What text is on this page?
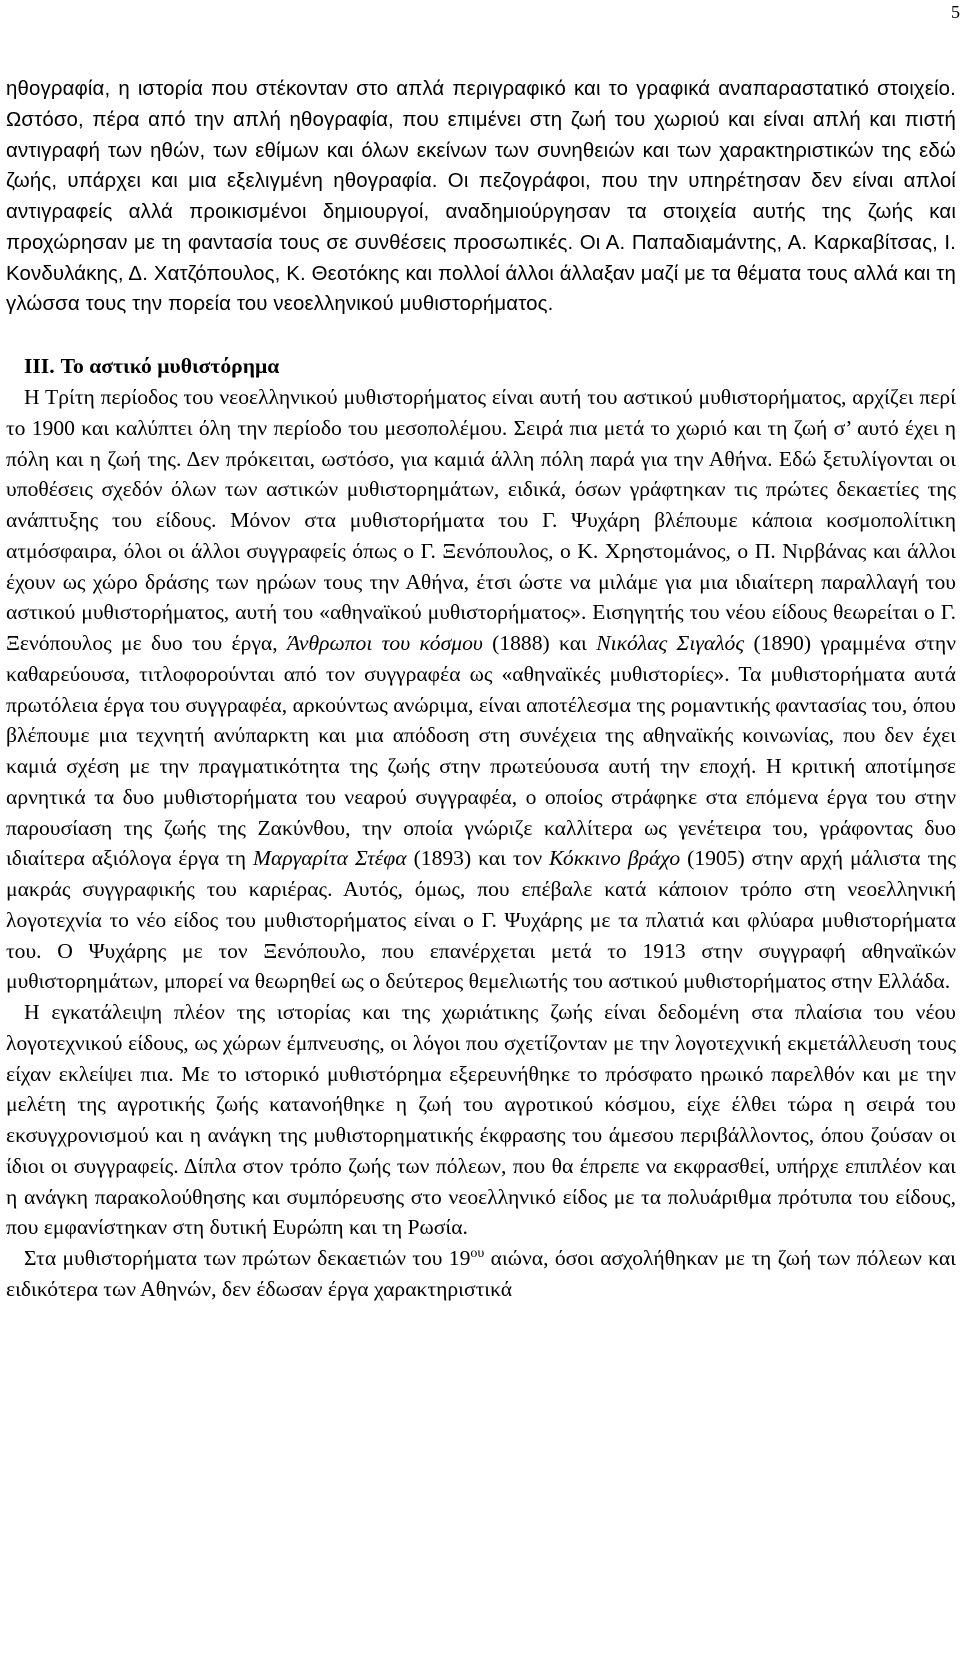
5

ηθογραφία, η ιστορία που στέκονταν στο απλά περιγραφικό και το γραφικά αναπαραστατικό στοιχείο. Ωστόσο, πέρα από την απλή ηθογραφία, που επιμένει στη ζωή του χωριού και είναι απλή και πιστή αντιγραφή των ηθών, των εθίμων και όλων εκείνων των συνηθειών και των χαρακτηριστικών της εδώ ζωής, υπάρχει και μια εξελιγμένη ηθογραφία. Οι πεζογράφοι, που την υπηρέτησαν δεν είναι απλοί αντιγραφείς αλλά προικισμένοι δημιουργοί, αναδημιούργησαν τα στοιχεία αυτής της ζωής και προχώρησαν με τη φαντασία τους σε συνθέσεις προσωπικές. Οι Α. Παπαδιαμάντης, Α. Καρκαβίτσας, Ι. Κονδυλάκης, Δ. Χατζόπουλος, Κ. Θεοτόκης και πολλοί άλλοι άλλαξαν μαζί με τα θέματα τους αλλά και τη γλώσσα τους την πορεία του νεοελληνικού μυθιστορήματος.

ΙΙΙ. Το αστικό μυθιστόρημα

Η Τρίτη περίοδος του νεοελληνικού μυθιστορήματος είναι αυτή του αστικού μυθιστορήματος, αρχίζει περί το 1900 και καλύπτει όλη την περίοδο του μεσοπολέμου. Σειρά πια μετά το χωριό και τη ζωή σ’ αυτό έχει η πόλη και η ζωή της. Δεν πρόκειται, ωστόσο, για καμιά άλλη πόλη παρά για την Αθήνα. Εδώ ξετυλίγονται οι υποθέσεις σχεδόν όλων των αστικών μυθιστορημάτων, ειδικά, όσων γράφτηκαν τις πρώτες δεκαετίες της ανάπτυξης του είδους. Μόνον στα μυθιστορήματα του Γ. Ψυχάρη βλέπουμε κάποια κοσμοπολίτικη ατμόσφαιρα, όλοι οι άλλοι συγγραφείς όπως ο Γ. Ξενόπουλος, ο Κ. Χρηστομάνος, ο Π. Νιρβάνας και άλλοι έχουν ως χώρο δράσης των ηρώων τους την Αθήνα, έτσι ώστε να μιλάμε για μια ιδιαίτερη παραλλαγή του αστικού μυθιστορήματος, αυτή του «αθηναϊκού μυθιστορήματος». Εισηγητής του νέου είδους θεωρείται ο Γ. Ξενόπουλος με δυο του έργα, Άνθρωποι του κόσμου (1888) και Νικόλας Σιγαλός (1890) γραμμένα στην καθαρεύουσα, τιτλοφορούνται από τον συγγραφέα ως «αθηναϊκές μυθιστορίες». Τα μυθιστορήματα αυτά πρωτόλεια έργα του συγγραφέα, αρκούντως ανώριμα, είναι αποτέλεσμα της ρομαντικής φαντασίας του, όπου βλέπουμε μια τεχνητή ανύπαρκτη και μια απόδοση στη συνέχεια της αθηναϊκής κοινωνίας, που δεν έχει καμιά σχέση με την πραγματικότητα της ζωής στην πρωτεύουσα αυτή την εποχή. Η κριτική αποτίμησε αρνητικά τα δυο μυθιστορήματα του νεαρού συγγραφέα, ο οποίος στράφηκε στα επόμενα έργα του στην παρουσίαση της ζωής της Ζακύνθου, την οποία γνώριζε καλλίτερα ως γενέτειρα του, γράφοντας δυο ιδιαίτερα αξιόλογα έργα τη Μαργαρίτα Στέφα (1893) και τον Κόκκινο βράχο (1905) στην αρχή μάλιστα της μακράς συγγραφικής του καριέρας. Αυτός, όμως, που επέβαλε κατά κάποιον τρόπο στη νεοελληνική λογοτεχνία το νέο είδος του μυθιστορήματος είναι ο Γ. Ψυχάρης με τα πλατιά και φλύαρα μυθιστορήματα του. Ο Ψυχάρης με τον Ξενόπουλο, που επανέρχεται μετά το 1913 στην συγγραφή αθηναϊκών μυθιστορημάτων, μπορεί να θεωρηθεί ως ο δεύτερος θεμελιωτής του αστικού μυθιστορήματος στην Ελλάδα.

Η εγκατάλειψη πλέον της ιστορίας και της χωριάτικης ζωής είναι δεδομένη στα πλαίσια του νέου λογοτεχνικού είδους, ως χώρων έμπνευσης, οι λόγοι που σχετίζονταν με την λογοτεχνική εκμετάλλευση τους είχαν εκλείψει πια. Με το ιστορικό μυθιστόρημα εξερευνήθηκε το πρόσφατο ηρωικό παρελθόν και με την μελέτη της αγροτικής ζωής κατανοήθηκε η ζωή του αγροτικού κόσμου, είχε έλθει τώρα η σειρά του εκσυγχρονισμού και η ανάγκη της μυθιστορηματικής έκφρασης του άμεσου περιβάλλοντος, όπου ζούσαν οι ίδιοι οι συγγραφείς. Δίπλα στον τρόπο ζωής των πόλεων, που θα έπρεπε να εκφρασθεί, υπήρχε επιπλέον και η ανάγκη παρακολούθησης και συμπόρευσης στο νεοελληνικό είδος με τα πολυάριθμα πρότυπα του είδους, που εμφανίστηκαν στη δυτική Ευρώπη και τη Ρωσία.

Στα μυθιστορήματα των πρώτων δεκαετιών του $19^{o\upsilon}$ αιώνα, όσοι ασχολήθηκαν με τη ζωή των πόλεων και ειδικότερα των Αθηνών, δεν έδωσαν έργα χαρακτηριστικά
